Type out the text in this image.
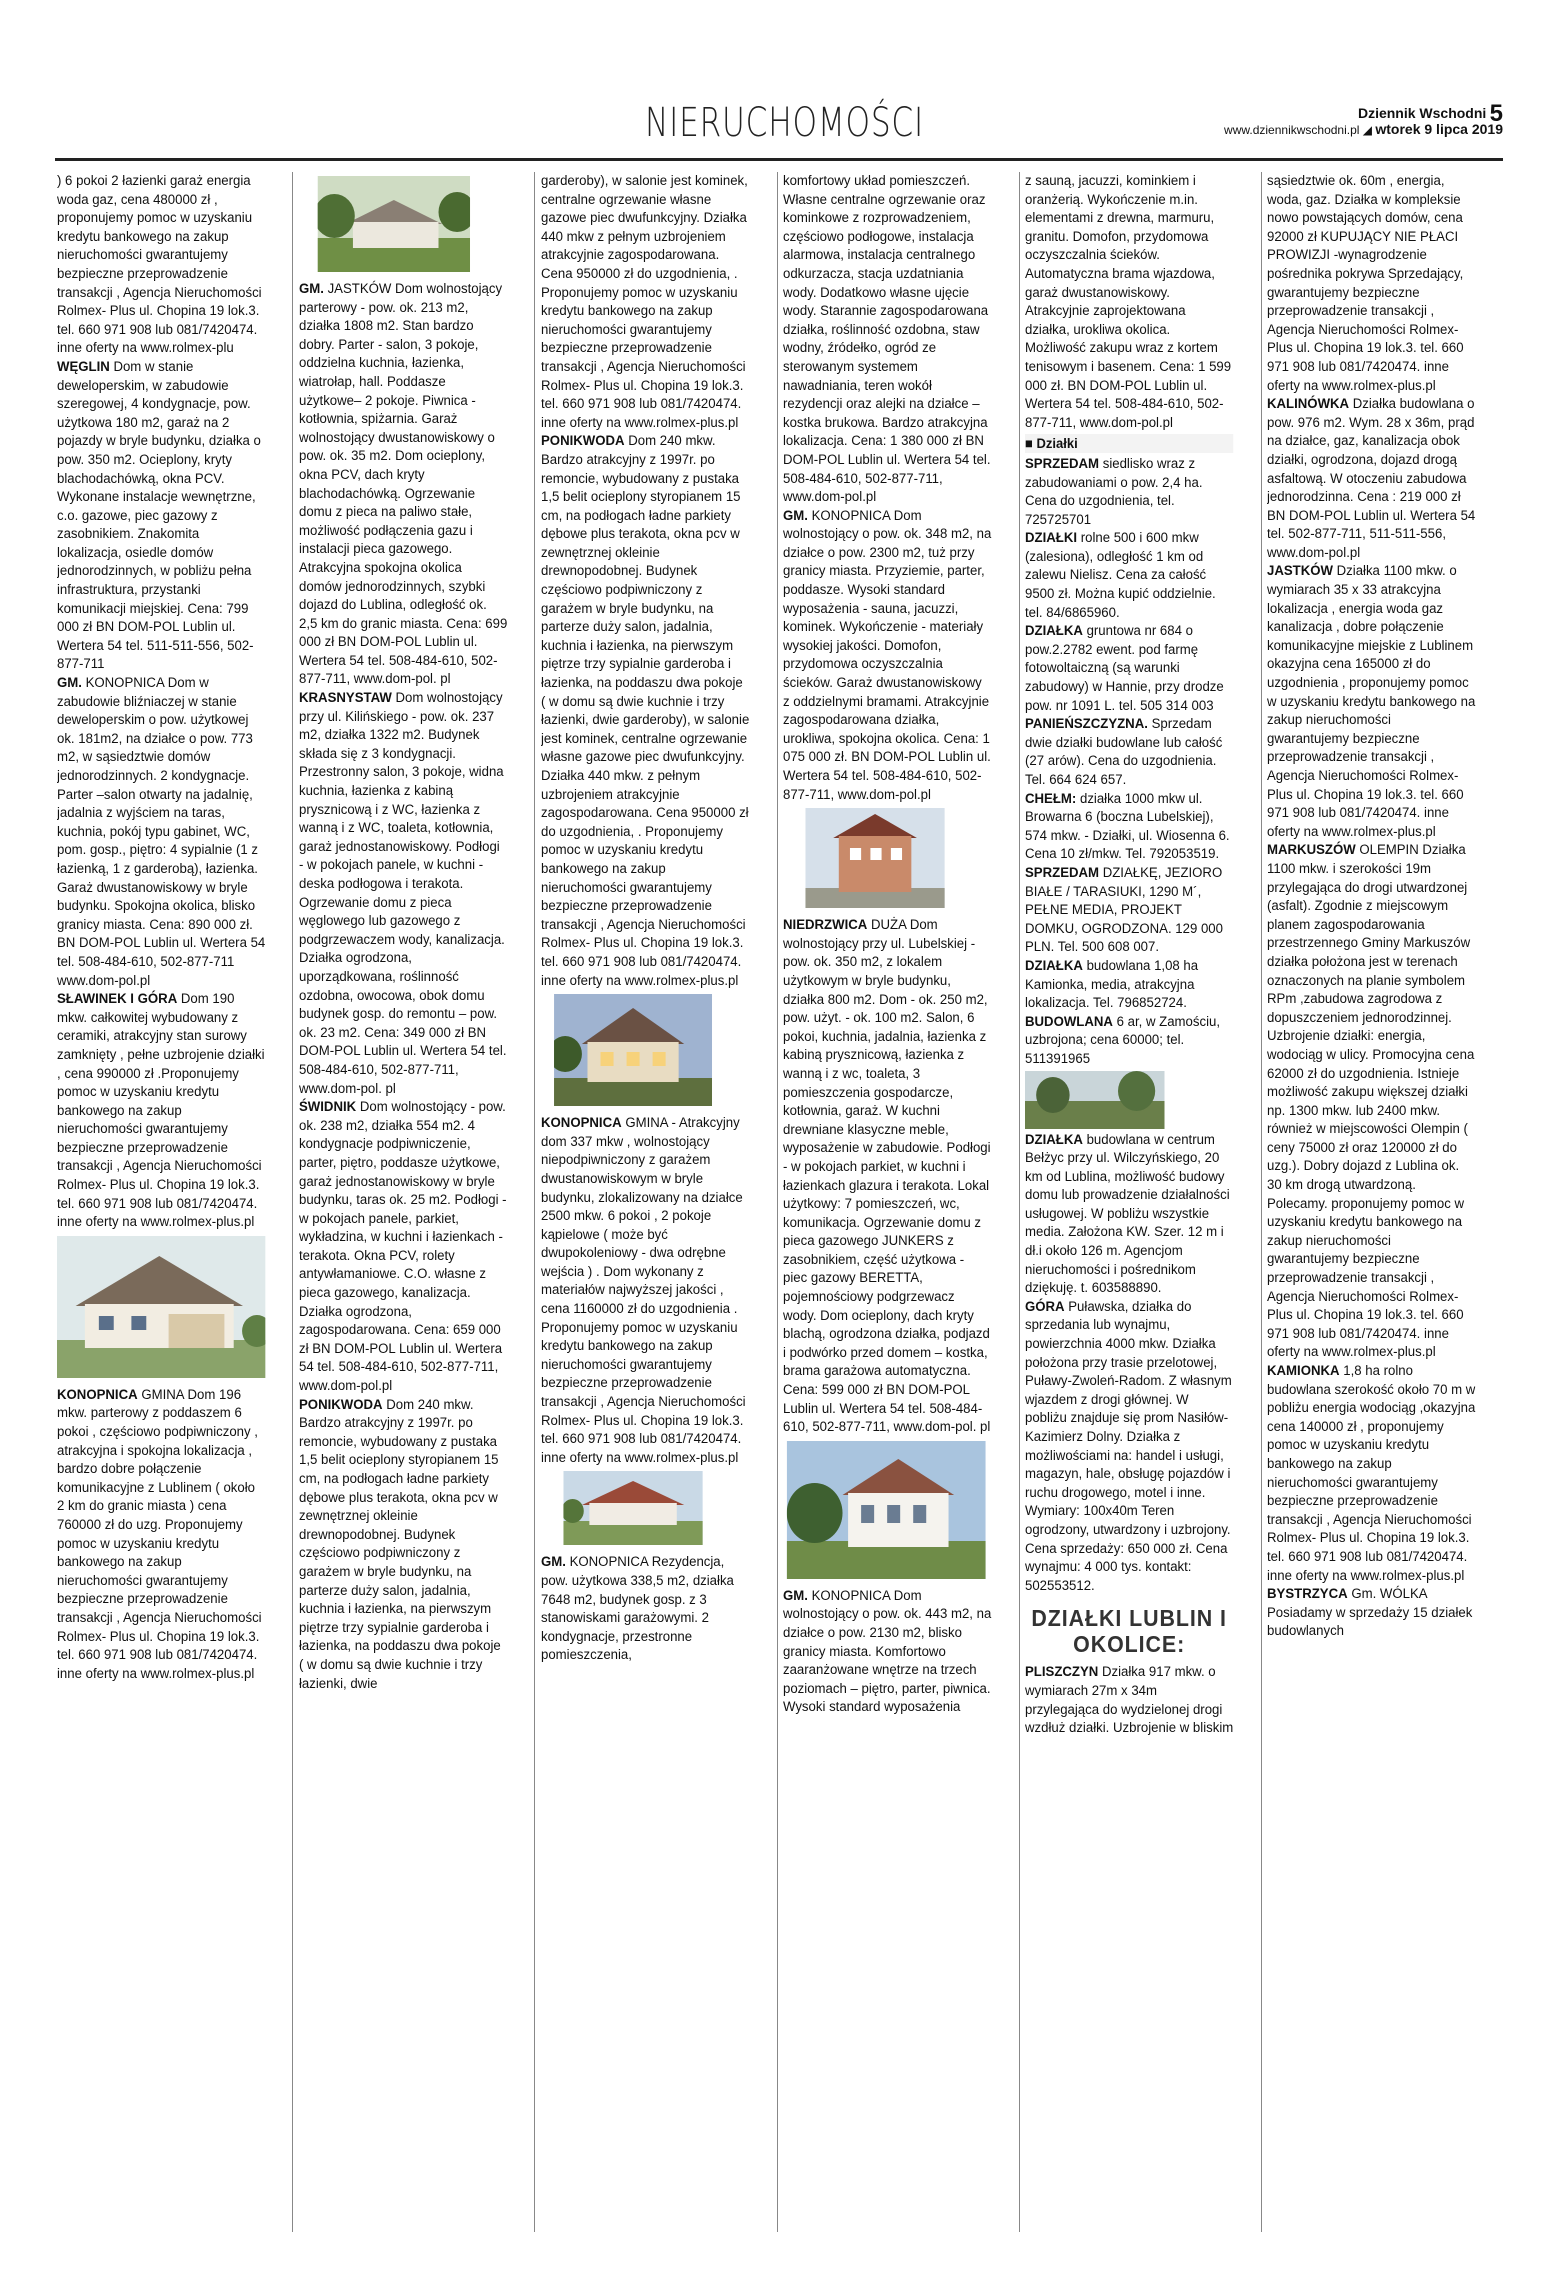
NIERUCHOMOŚCI	Dziennik Wschodni 5
www.dziennikwschodni.pl ◢ wtorek 9 lipca 2019

) 6 pokoi 2 łazienki garaż energia woda gaz, cena 480000 zł , proponujemy pomoc w uzyskaniu kredytu bankowego na zakup nieruchomości gwarantujemy bezpieczne przeprowadzenie transakcji , Agencja Nieruchomości Rolmex- Plus ul. Chopina 19 lok.3. tel. 660 971 908 lub 081/7420474. inne oferty na www.rolmex-plu

WĘGLIN Dom w stanie deweloperskim, w zabudowie szeregowej, 4 kondygnacje, pow. użytkowa 180 m2, garaż na 2 pojazdy w bryle budynku, działka o pow. 350 m2. Ocieplony, kryty blachodachówką, okna PCV. Wykonane instalacje wewnętrzne, c.o. gazowe, piec gazowy z zasobnikiem. Znakomita lokalizacja, osiedle domów jednorodzinnych, w pobliżu pełna infrastruktura, przystanki komunikacji miejskiej. Cena: 799 000 zł BN DOM-POL Lublin ul. Wertera 54 tel. 511-511-556, 502-877-711

GM. KONOPNICA Dom w zabudowie bliźniaczej w stanie deweloperskim o pow. użytkowej ok. 181m2, na działce o pow. 773 m2, w sąsiedztwie domów jednorodzinnych. 2 kondygnacje. Parter –salon otwarty na jadalnię, jadalnia z wyjściem na taras, kuchnia, pokój typu gabinet, WC, pom. gosp., piętro: 4 sypialnie (1 z łazienką, 1 z garderobą), łazienka. Garaż dwustanowiskowy w bryle budynku. Spokojna okolica, blisko granicy miasta. Cena: 890 000 zł. BN DOM-POL Lublin ul. Wertera 54 tel. 508-484-610, 502-877-711 www.dom-pol.pl

SŁAWINEK I GÓRA Dom 190 mkw. całkowitej wybudowany z ceramiki, atrakcyjny stan surowy zamknięty , pełne uzbrojenie działki , cena 990000 zł .Proponujemy pomoc w uzyskaniu kredytu bankowego na zakup nieruchomości gwarantujemy bezpieczne przeprowadzenie transakcji , Agencja Nieruchomości Rolmex- Plus ul. Chopina 19 lok.3. tel. 660 971 908 lub 081/7420474. inne oferty na www.rolmex-plus.pl

KONOPNICA GMINA Dom 196 mkw. parterowy z poddaszem 6 pokoi , częściowo podpiwniczony , atrakcyjna i spokojna lokalizacja , bardzo dobre połączenie komunikacyjne z Lublinem ( około 2 km do granic miasta ) cena 760000 zł do uzg. Proponujemy pomoc w uzyskaniu kredytu bankowego na zakup nieruchomości gwarantujemy bezpieczne przeprowadzenie transakcji , Agencja Nieruchomości Rolmex- Plus ul. Chopina 19 lok.3. tel. 660 971 908 lub 081/7420474. inne oferty na www.rolmex-plus.pl

GM. JASTKÓW Dom wolnostojący parterowy - pow. ok. 213 m2, działka 1808 m2. Stan bardzo dobry. Parter - salon, 3 pokoje, oddzielna kuchnia, łazienka, wiatrołap, hall. Poddasze użytkowe– 2 pokoje. Piwnica - kotłownia, spiżarnia. Garaż wolnostojący dwustanowiskowy o pow. ok. 35 m2. Dom ocieplony, okna PCV, dach kryty blachodachówką. Ogrzewanie domu z pieca na paliwo stałe, możliwość podłączenia gazu i instalacji pieca gazowego. Atrakcyjna spokojna okolica domów jednorodzinnych, szybki dojazd do Lublina, odległość ok. 2,5 km do granic miasta. Cena: 699 000 zł BN DOM-POL Lublin ul. Wertera 54 tel. 508-484-610, 502-877-711, www.dom-pol. pl

KRASNYSTAW Dom wolnostojący przy ul. Kilińskiego - pow. ok. 237 m2, działka 1322 m2. Budynek składa się z 3 kondygnacji. Przestronny salon, 3 pokoje, widna kuchnia, łazienka z kabiną prysznicową i z WC, łazienka z wanną i z WC, toaleta, kotłownia, garaż jednostanowiskowy. Podłogi - w pokojach panele, w kuchni - deska podłogowa i terakota. Ogrzewanie domu z pieca węglowego lub gazowego z podgrzewaczem wody, kanalizacja. Działka ogrodzona, uporządkowana, roślinność ozdobna, owocowa, obok domu budynek gosp. do remontu – pow. ok. 23 m2. Cena: 349 000 zł BN DOM-POL Lublin ul. Wertera 54 tel. 508-484-610, 502-877-711, www.dom-pol. pl

ŚWIDNIK Dom wolnostojący - pow. ok. 238 m2, działka 554 m2. 4 kondygnacje podpiwniczenie, parter, piętro, poddasze użytkowe, garaż jednostanowiskowy w bryle budynku, taras ok. 25 m2. Podłogi - w pokojach panele, parkiet, wykładzina, w kuchni i łazienkach - terakota. Okna PCV, rolety antywłamaniowe. C.O. własne z pieca gazowego, kanalizacja. Działka ogrodzona, zagospodarowana. Cena: 659 000 zł BN DOM-POL Lublin ul. Wertera 54 tel. 508-484-610, 502-877-711, www.dom-pol.pl

PONIKWODA Dom 240 mkw. Bardzo atrakcyjny z 1997r. po remoncie, wybudowany z pustaka 1,5 belit ocieplony styropianem 15 cm, na podłogach ładne parkiety dębowe plus terakota, okna pcv w zewnętrznej okleinie drewnopodobnej. Budynek częściowo podpiwniczony z garażem w bryle budynku, na parterze duży salon, jadalnia, kuchnia i łazienka, na pierwszym piętrze trzy sypialnie garderoba i łazienka, na poddaszu dwa pokoje ( w domu są dwie kuchnie i trzy łazienki, dwie

garderoby), w salonie jest kominek, centralne ogrzewanie własne gazowe piec dwufunkcyjny. Działka 440 mkw z pełnym uzbrojeniem atrakcyjnie zagospodarowana. Cena 950000 zł do uzgodnienia, . Proponujemy pomoc w uzyskaniu kredytu bankowego na zakup nieruchomości gwarantujemy bezpieczne przeprowadzenie transakcji , Agencja Nieruchomości Rolmex- Plus ul. Chopina 19 lok.3. tel. 660 971 908 lub 081/7420474. inne oferty na www.rolmex-plus.pl

PONIKWODA Dom 240 mkw. Bardzo atrakcyjny z 1997r. po remoncie, wybudowany z pustaka 1,5 belit ocieplony styropianem 15 cm, na podłogach ładne parkiety dębowe plus terakota, okna pcv w zewnętrznej okleinie drewnopodobnej. Budynek częściowo podpiwniczony z garażem w bryle budynku, na parterze duży salon, jadalnia, kuchnia i łazienka, na pierwszym piętrze trzy sypialnie garderoba i łazienka, na poddaszu dwa pokoje ( w domu są dwie kuchnie i trzy łazienki, dwie garderoby), w salonie jest kominek, centralne ogrzewanie własne gazowe piec dwufunkcyjny. Działka 440 mkw. z pełnym uzbrojeniem atrakcyjnie zagospodarowana. Cena 950000 zł do uzgodnienia, . Proponujemy pomoc w uzyskaniu kredytu bankowego na zakup nieruchomości gwarantujemy bezpieczne przeprowadzenie transakcji , Agencja Nieruchomości Rolmex- Plus ul. Chopina 19 lok.3. tel. 660 971 908 lub 081/7420474. inne oferty na www.rolmex-plus.pl

KONOPNICA GMINA - Atrakcyjny dom 337 mkw , wolnostojący niepodpiwniczony z garażem dwustanowiskowym w bryle budynku, zlokalizowany na działce 2500 mkw. 6 pokoi , 2 pokoje kąpielowe ( może być dwupokoleniowy - dwa odrębne wejścia ) . Dom wykonany z materiałów najwyższej jakości , cena 1160000 zł do uzgodnienia . Proponujemy pomoc w uzyskaniu kredytu bankowego na zakup nieruchomości gwarantujemy bezpieczne przeprowadzenie transakcji , Agencja Nieruchomości Rolmex- Plus ul. Chopina 19 lok.3. tel. 660 971 908 lub 081/7420474. inne oferty na www.rolmex-plus.pl

GM. KONOPNICA Rezydencja, pow. użytkowa 338,5 m2, działka 7648 m2, budynek gosp. z 3 stanowiskami garażowymi. 2 kondygnacje, przestronne pomieszczenia,

komfortowy układ pomieszczeń. Własne centralne ogrzewanie oraz kominkowe z rozprowadzeniem, częściowo podłogowe, instalacja alarmowa, instalacja centralnego odkurzacza, stacja uzdatniania wody. Dodatkowo własne ujęcie wody. Starannie zagospodarowana działka, roślinność ozdobna, staw wodny, źródełko, ogród ze sterowanym systemem nawadniania, teren wokół rezydencji oraz alejki na działce – kostka brukowa. Bardzo atrakcyjna lokalizacja. Cena: 1 380 000 zł BN DOM-POL Lublin ul. Wertera 54 tel. 508-484-610, 502-877-711, www.dom-pol.pl

GM. KONOPNICA Dom wolnostojący o pow. ok. 348 m2, na działce o pow. 2300 m2, tuż przy granicy miasta. Przyziemie, parter, poddasze. Wysoki standard wyposażenia - sauna, jacuzzi, kominek. Wykończenie - materiały wysokiej jakości. Domofon, przydomowa oczyszczalnia ścieków. Garaż dwustanowiskowy z oddzielnymi bramami. Atrakcyjnie zagospodarowana działka, urokliwa, spokojna okolica. Cena: 1 075 000 zł. BN DOM-POL Lublin ul. Wertera 54 tel. 508-484-610, 502-877-711, www.dom-pol.pl

NIEDRZWICA DUŻA Dom wolnostojący przy ul. Lubelskiej - pow. ok. 350 m2, z lokalem użytkowym w bryle budynku, działka 800 m2. Dom - ok. 250 m2, pow. użyt. - ok. 100 m2. Salon, 6 pokoi, kuchnia, jadalnia, łazienka z kabiną prysznicową, łazienka z wanną i z wc, toaleta, 3 pomieszczenia gospodarcze, kotłownia, garaż. W kuchni drewniane klasyczne meble, wyposażenie w zabudowie. Podłogi - w pokojach parkiet, w kuchni i łazienkach glazura i terakota. Lokal użytkowy: 7 pomieszczeń, wc, komunikacja. Ogrzewanie domu z pieca gazowego JUNKERS z zasobnikiem, część użytkowa - piec gazowy BERETTA, pojemnościowy podgrzewacz wody. Dom ocieplony, dach kryty blachą, ogrodzona działka, podjazd i podwórko przed domem – kostka, brama garażowa automatyczna. Cena: 599 000 zł BN DOM-POL Lublin ul. Wertera 54 tel. 508-484-610, 502-877-711, www.dom-pol. pl

GM. KONOPNICA Dom wolnostojący o pow. ok. 443 m2, na działce o pow. 2130 m2, blisko granicy miasta. Komfortowo zaaranżowane wnętrze na trzech poziomach – piętro, parter, piwnica. Wysoki standard wyposażenia

z sauną, jacuzzi, kominkiem i oranżerią. Wykończenie m.in. elementami z drewna, marmuru, granitu. Domofon, przydomowa oczyszczalnia ścieków. Automatyczna brama wjazdowa, garaż dwustanowiskowy. Atrakcyjnie zaprojektowana działka, urokliwa okolica. Możliwość zakupu wraz z kortem tenisowym i basenem. Cena: 1 599 000 zł. BN DOM-POL Lublin ul. Wertera 54 tel. 508-484-610, 502-877-711, www.dom-pol.pl

■ Działki

SPRZEDAM siedlisko wraz z zabudowaniami o pow. 2,4 ha. Cena do uzgodnienia, tel. 725725701

DZIAŁKI rolne 500 i 600 mkw (zalesiona), odległość 1 km od zalewu Nielisz. Cena za całość 9500 zł. Można kupić oddzielnie. tel. 84/6865960.

DZIAŁKA gruntowa nr 684 o pow.2.2782 ewent. pod farmę fotowoltaiczną (są warunki zabudowy) w Hannie, przy drodze pow. nr 1091 L. tel. 505 314 003

PANIEŃSZCZYZNA. Sprzedam dwie działki budowlane lub całość (27 arów). Cena do uzgodnienia. Tel. 664 624 657.

CHEŁM: działka 1000 mkw ul. Browarna 6 (boczna Lubelskiej), 574 mkw. - Działki, ul. Wiosenna 6. Cena 10 zł/mkw. Tel. 792053519.

SPRZEDAM DZIAŁKĘ, JEZIORO BIAŁE / TARASIUKI, 1290 M´, PEŁNE MEDIA, PROJEKT DOMKU, OGRODZONA. 129 000 PLN. Tel. 500 608 007.

DZIAŁKA budowlana 1,08 ha Kamionka, media, atrakcyjna lokalizacja. Tel. 796852724.

BUDOWLANA 6 ar, w Zamościu, uzbrojona; cena 60000; tel. 511391965

DZIAŁKA budowlana w centrum Bełżyc przy ul. Wilczyńskiego, 20 km od Lublina, możliwość budowy domu lub prowadzenie działalności usługowej. W pobliżu wszystkie media. Założona KW. Szer. 12 m i dł.i około 126 m. Agencjom nieruchomości i pośrednikom dziękuję. t. 603588890.

GÓRA Puławska, działka do sprzedania lub wynajmu, powierzchnia 4000 mkw. Działka położona przy trasie przelotowej, Puławy-Zwoleń-Radom. Z własnym wjazdem z drogi głównej. W pobliżu znajduje się prom Nasiłów-Kazimierz Dolny. Działka z możliwościami na: handel i usługi, magazyn, hale, obsługę pojazdów i ruchu drogowego, motel i inne. Wymiary: 100x40m Teren ogrodzony, utwardzony i uzbrojony. Cena sprzedaży: 650 000 zł. Cena wynajmu: 4 000 tys. kontakt: 502553512.

DZIAŁKI LUBLIN I OKOLICE:

PLISZCZYN Działka 917 mkw. o wymiarach 27m x 34m przylegająca do wydzielonej drogi wzdłuż działki. Uzbrojenie w bliskim

sąsiedztwie ok. 60m , energia, woda, gaz. Działka w kompleksie nowo powstających domów, cena 92000 zł KUPUJĄCY NIE PŁACI PROWIZJI -wynagrodzenie pośrednika pokrywa Sprzedający, gwarantujemy bezpieczne przeprowadzenie transakcji , Agencja Nieruchomości Rolmex- Plus ul. Chopina 19 lok.3. tel. 660 971 908 lub 081/7420474. inne oferty na www.rolmex-plus.pl

KALINÓWKA Działka budowlana o pow. 976 m2. Wym. 28 x 36m, prąd na działce, gaz, kanalizacja obok działki, ogrodzona, dojazd drogą asfaltową. W otoczeniu zabudowa jednorodzinna. Cena : 219 000 zł BN DOM-POL Lublin ul. Wertera 54 tel. 502-877-711, 511-511-556, www.dom-pol.pl

JASTKÓW Działka 1100 mkw. o wymiarach 35 x 33 atrakcyjna lokalizacja , energia woda gaz kanalizacja , dobre połączenie komunikacyjne miejskie z Lublinem okazyjna cena 165000 zł do uzgodnienia , proponujemy pomoc w uzyskaniu kredytu bankowego na zakup nieruchomości gwarantujemy bezpieczne przeprowadzenie transakcji , Agencja Nieruchomości Rolmex- Plus ul. Chopina 19 lok.3. tel. 660 971 908 lub 081/7420474. inne oferty na www.rolmex-plus.pl

MARKUSZÓW OLEMPIN Działka 1100 mkw. i szerokości 19m przylegająca do drogi utwardzonej (asfalt). Zgodnie z miejscowym planem zagospodarowania przestrzennego Gminy Markuszów działka położona jest w terenach oznaczonych na planie symbolem RPm ,zabudowa zagrodowa z dopuszczeniem jednorodzinnej. Uzbrojenie działki: energia, wodociąg w ulicy. Promocyjna cena 62000 zł do uzgodnienia. Istnieje możliwość zakupu większej działki np. 1300 mkw. lub 2400 mkw. również w miejscowości Olempin ( ceny 75000 zł oraz 120000 zł do uzg.). Dobry dojazd z Lublina ok. 30 km drogą utwardzoną. Polecamy. proponujemy pomoc w uzyskaniu kredytu bankowego na zakup nieruchomości gwarantujemy bezpieczne przeprowadzenie transakcji , Agencja Nieruchomości Rolmex- Plus ul. Chopina 19 lok.3. tel. 660 971 908 lub 081/7420474. inne oferty na www.rolmex-plus.pl

KAMIONKA 1,8 ha rolno budowlana szerokość około 70 m w pobliżu energia wodociąg ,okazyjna cena 140000 zł , proponujemy pomoc w uzyskaniu kredytu bankowego na zakup nieruchomości gwarantujemy bezpieczne przeprowadzenie transakcji , Agencja Nieruchomości Rolmex- Plus ul. Chopina 19 lok.3. tel. 660 971 908 lub 081/7420474. inne oferty na www.rolmex-plus.pl

BYSTRZYCA Gm. WÓLKA Posiadamy w sprzedaży 15 działek budowlanych
